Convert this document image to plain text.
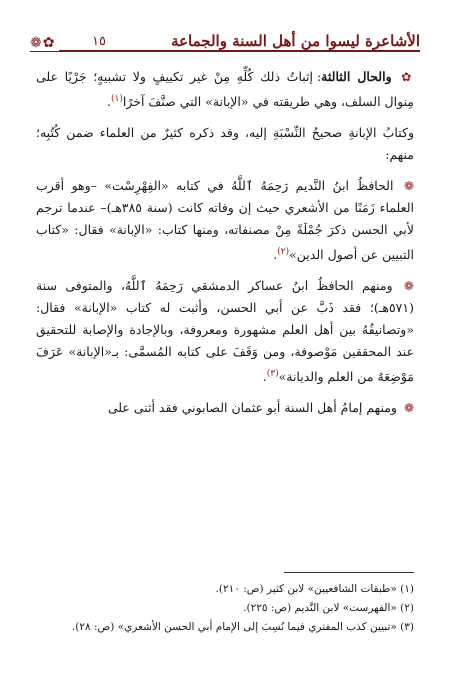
✿❁	١٥	الأشاعرة ليسوا من أهل السنة والجماعة

✿ والحال الثالثة: إثباتُ ذلك كُلِّهِ مِنْ غير تكييفٍ ولا تشبيهٍ؛ جَرْيًا على مِنوال السلف، وهي طريقته في «الإبانة» التي صنَّفَ آخرًا$^{(١)}$.

وكتابُ الإبانةِ صحيحُ النِّسْبَةِ إليه، وقد ذكره كثيرٌ من العلماء ضمن كُتُبِه؛ منهم:

❁ الحافظُ ابنُ النَّديم رَحِمَهُ ٱللَّهُ في كتابه «الفِهْرِسْت» –وهو أقرب العلماء زَمَنًا من الأشعري حيث إن وفاته كانت (سنة ٣٨٥هـ)– عندما ترجم لأبي الحسن ذكرَ جُمْلَةً مِنْ مصنفاته، ومنها كتاب: «الإبانة» فقال: «كتاب التبيين عن أصول الدين»$^{(٢)}$.

❁ ومنهم الحافظُ ابنُ عساكر الدمشقي رَحِمَهُ ٱللَّهُ، والمتوفى سنة (٥٧١هـ)؛ فقد ذَبَّ عن أبي الحسن، وأثبت له كتاب «الإبانة» فقال: «وتصانيفُهُ بين أهل العلم مشهورة ومعروفة، وبالإجادة والإصابة للتحقيق عند المحققين مَوْصوفة، ومن وَقَفَ على كتابه المُسمَّى: بـ«الإبانة» عَرَفَ مَوْضِعَهُ من العلم والديانة»$^{(٣)}$.

❁ ومنهم إمامُ أهل السنة أبو عثمان الصابوني فقد أثنى على

(١) «طبقات الشافعيين» لابن كثير (ص: ٢١٠).
(٢) «الفهرست» لابن النَّديم (ص: ٢٢٥).
(٣) «تبيين كذب المفتري فيما نُسِبَ إلى الإمام أبي الحسن الأشعري» (ص: ٢٨).
